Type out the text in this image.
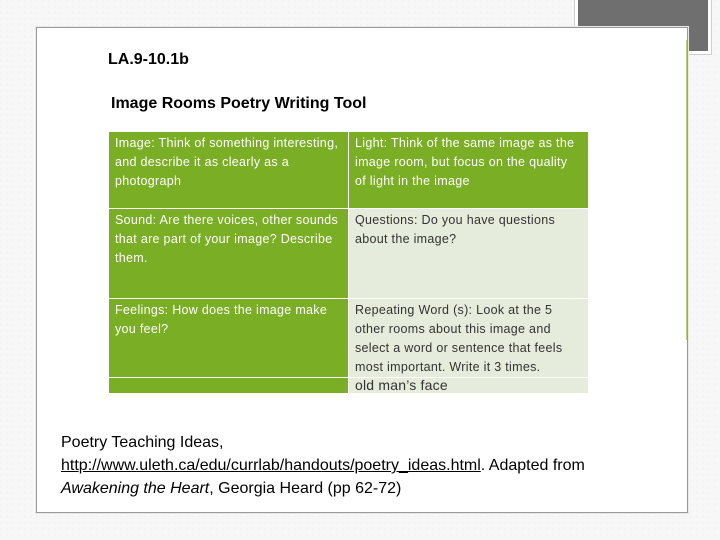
LA.9-10.1b
Image Rooms Poetry Writing Tool
Image: Think of something interesting, and describe it as clearly as a photograph	Light: Think of the same image as the image room, but focus on the quality of light in the image
Sound: Are there voices, other sounds that are part of your image? Describe them.	Questions: Do you have questions about the image?
Feelings: How does the image make you feel?	Repeating Word (s): Look at the 5 other rooms about this image and select a word or sentence that feels most important. Write it 3 times.
	old man’s face
Poetry Teaching Ideas,
http://www.uleth.ca/edu/currlab/handouts/poetry_ideas.html. Adapted from
Awakening the Heart, Georgia Heard (pp 62-72)
